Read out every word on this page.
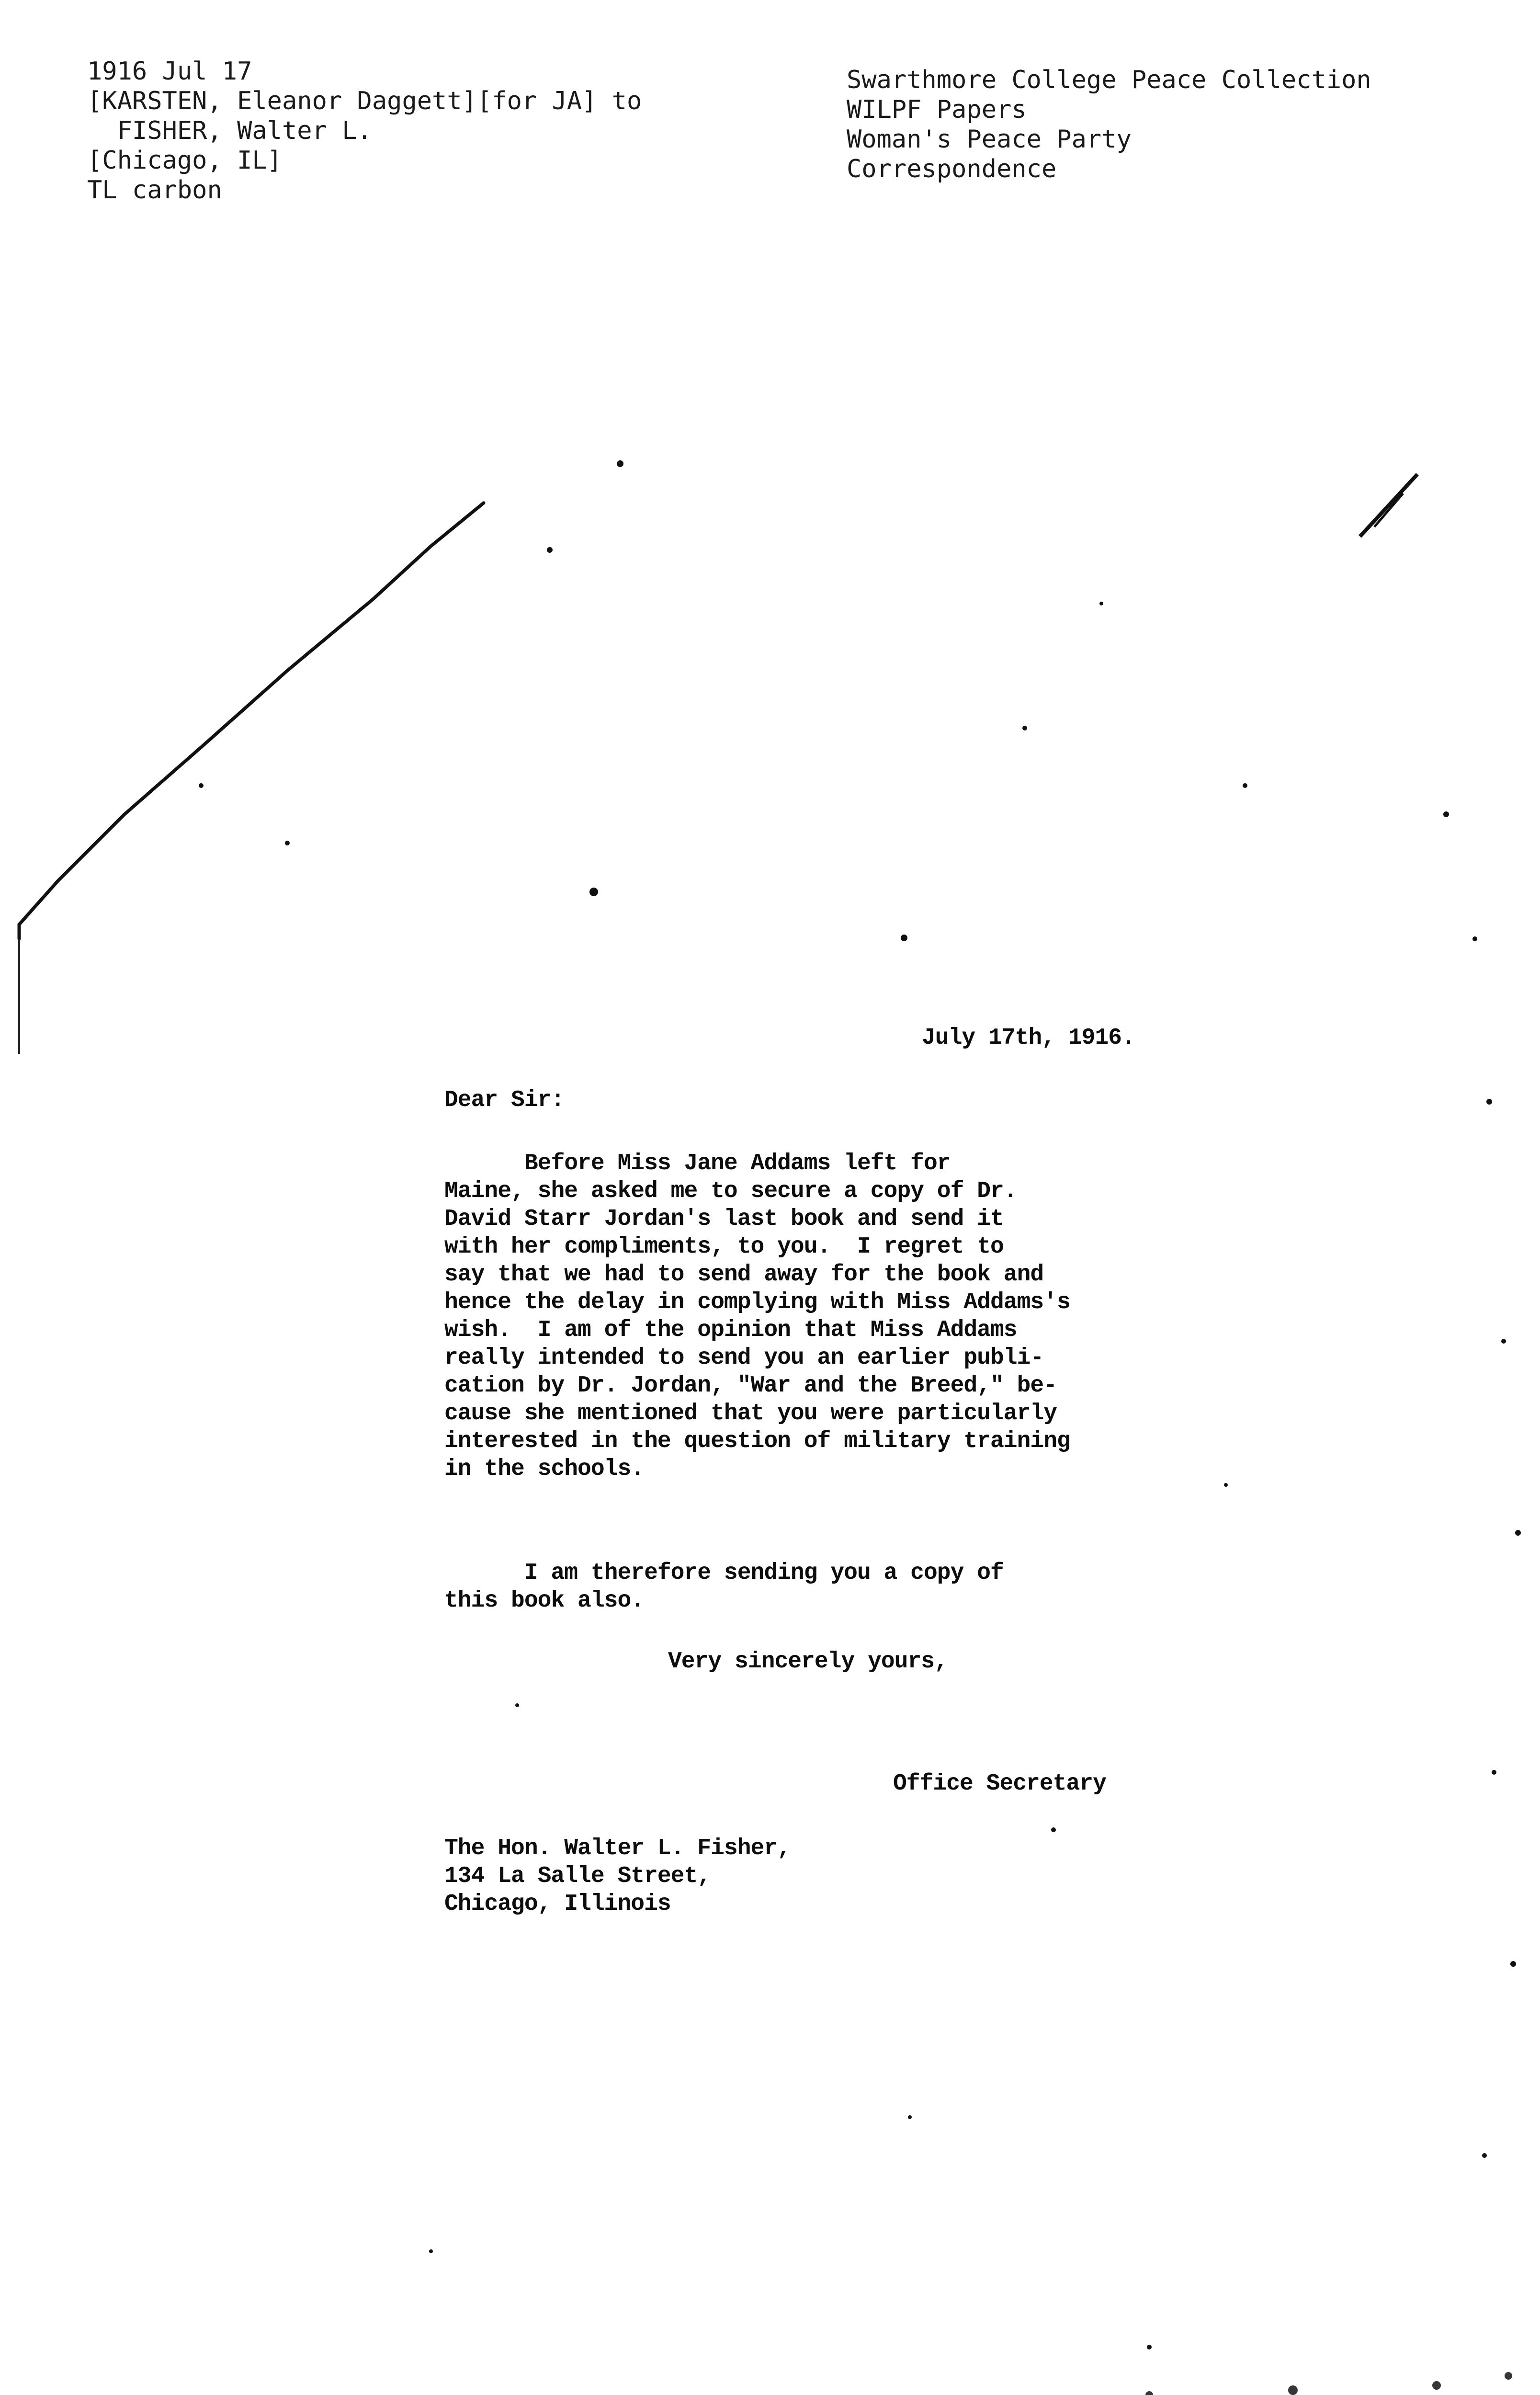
1916 Jul 17
[KARSTEN, Eleanor Daggett][for JA] to
FISHER, Walter L.
[Chicago, IL]
TL carbon
Swarthmore College Peace Collection
WILPF Papers
Woman's Peace Party
Correspondence
July 17th, 1916.
Dear Sir:
Before Miss Jane Addams left for
Maine, she asked me to secure a copy of Dr.
David Starr Jordan's last book and send it
with her compliments, to you.  I regret to
say that we had to send away for the book and
hence the delay in complying with Miss Addams's
wish.  I am of the opinion that Miss Addams
really intended to send you an earlier publi-
cation by Dr. Jordan, "War and the Breed," be-
cause she mentioned that you were particularly
interested in the question of military training
in the schools.
I am therefore sending you a copy of
this book also.
Very sincerely yours,
Office Secretary
The Hon. Walter L. Fisher,
134 La Salle Street,
Chicago, Illinois
